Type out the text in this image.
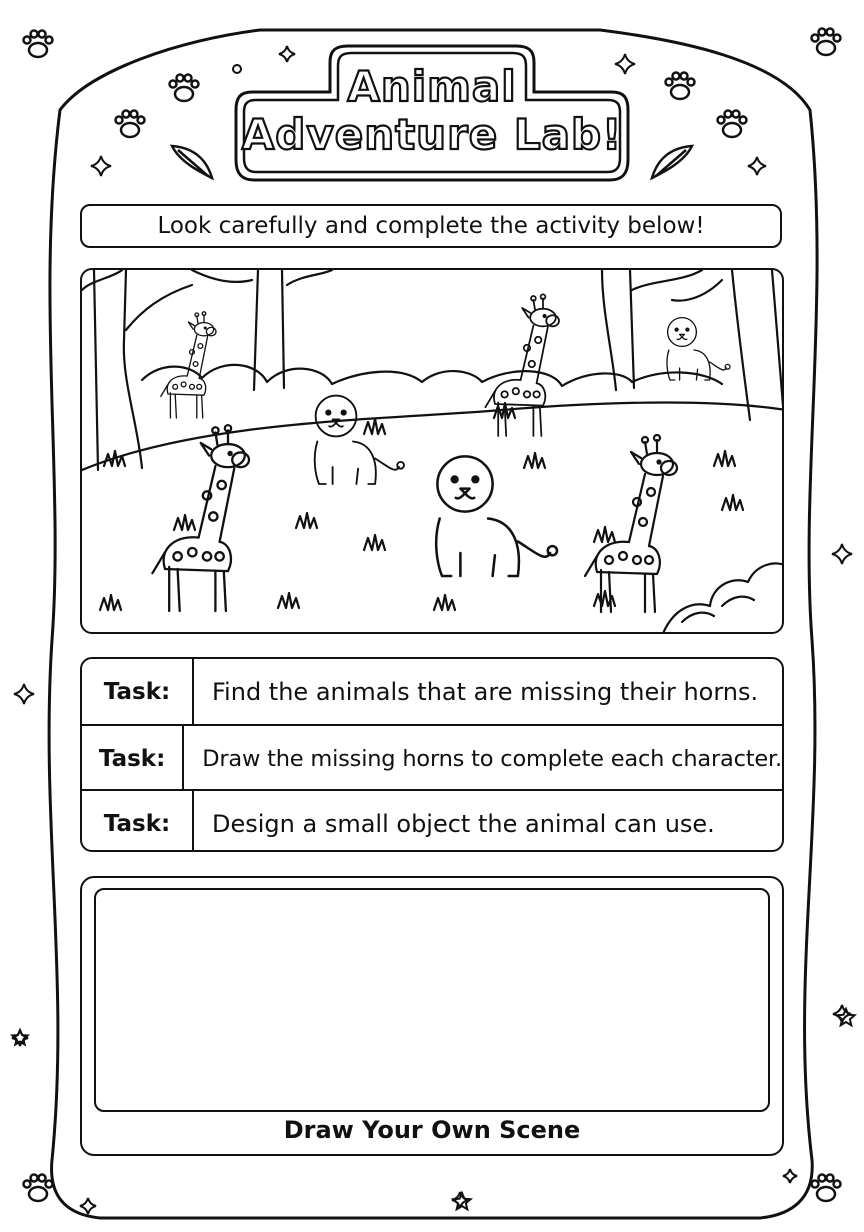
Animal
Adventure Lab!
Look carefully and complete the activity below!
Task:	Find the animals that are missing their horns.
Task:	Draw the missing horns to complete each character.
Task:	Design a small object the animal can use.
Draw Your Own Scene
